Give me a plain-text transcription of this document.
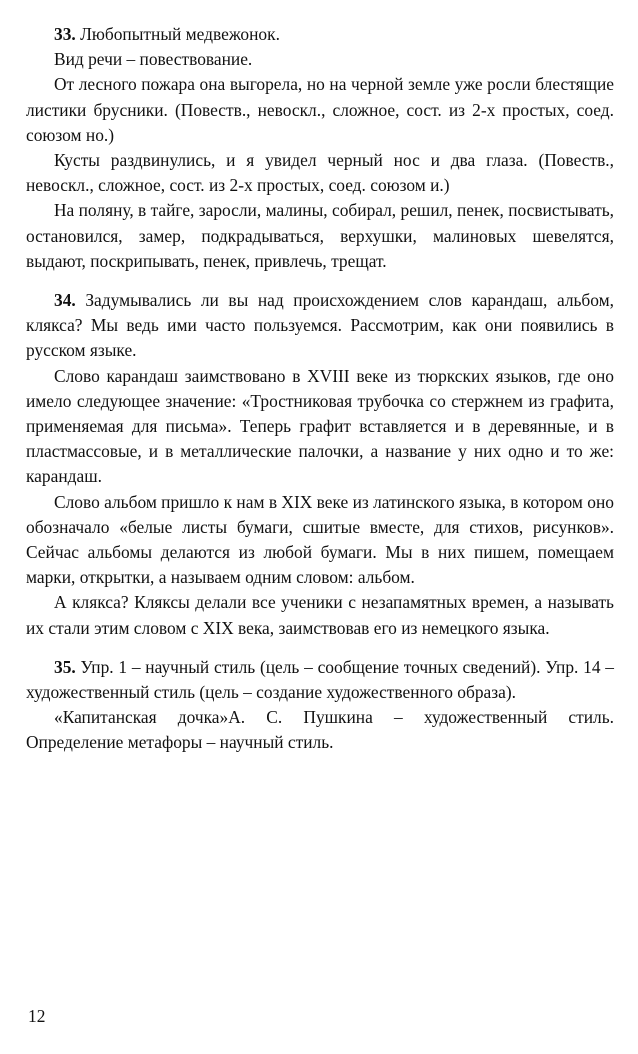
33. Любопытный медвежонок.

Вид речи – повествование.

От лесного пожара она выгорела, но на черной земле уже росли блестящие листики брусники. (Повеств., невоскл., сложное, сост. из 2-х простых, соед. союзом но.)

Кусты раздвинулись, и я увидел черный нос и два глаза. (Повеств., невоскл., сложное, сост. из 2-х простых, соед. союзом и.)

На поляну, в тайге, заросли, малины, собирал, решил, пенек, посвистывать, остановился, замер, подкрадываться, верхушки, малиновых шевелятся, выдают, поскрипывать, пенек, привлечь, трещат.

34. Задумывались ли вы над происхождением слов карандаш, альбом, клякса? Мы ведь ими часто пользуемся. Рассмотрим, как они появились в русском языке.

Слово карандаш заимствовано в XVIII веке из тюркских языков, где оно имело следующее значение: «Тростниковая трубочка со стержнем из графита, применяемая для письма». Теперь графит вставляется и в деревянные, и в пластмассовые, и в металлические палочки, а название у них одно и то же: карандаш.

Слово альбом пришло к нам в XIX веке из латинского языка, в котором оно обозначало «белые листы бумаги, сшитые вместе, для стихов, рисунков». Сейчас альбомы делаются из любой бумаги. Мы в них пишем, помещаем марки, открытки, а называем одним словом: альбом.

А клякса? Кляксы делали все ученики с незапамятных времен, а называть их стали этим словом с XIX века, заимствовав его из немецкого языка.

35. Упр. 1 – научный стиль (цель – сообщение точных сведений). Упр. 14 – художественный стиль (цель – создание художественного образа).

«Капитанская дочка»А. С. Пушкина – художественный стиль. Определение метафоры – научный стиль.

12
